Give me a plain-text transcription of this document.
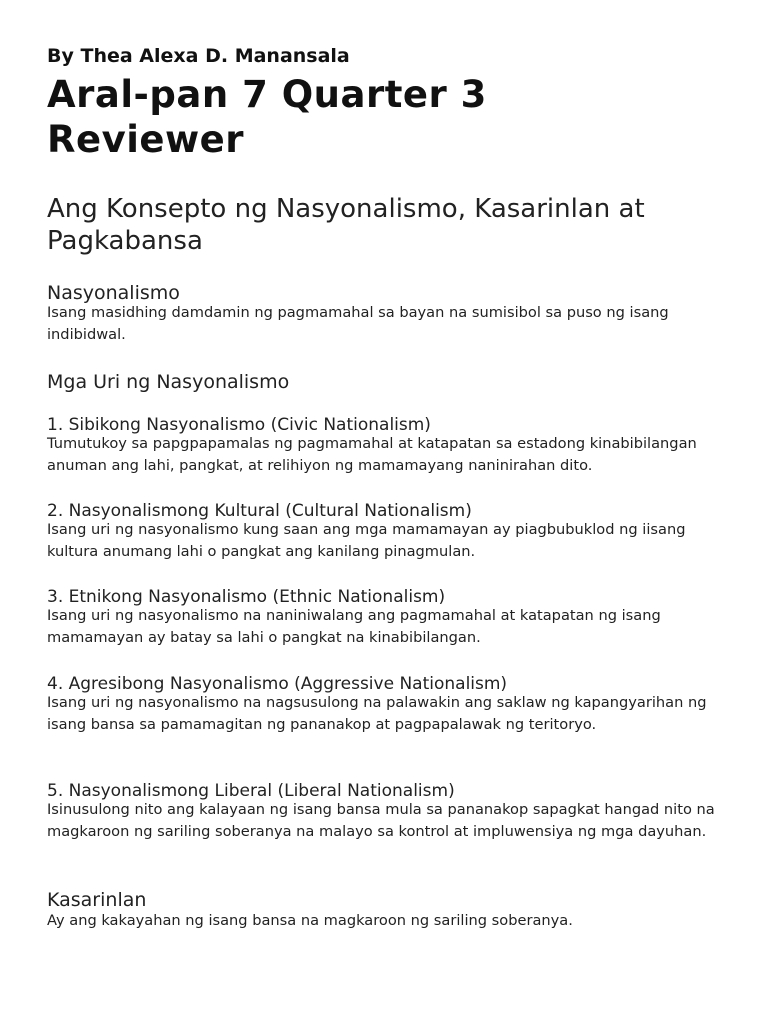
By Thea Alexa D. Manansala
Aral-pan 7 Quarter 3 Reviewer
Ang Konsepto ng Nasyonalismo, Kasarinlan at Pagkabansa
Nasyonalismo
Isang masidhing damdamin ng pagmamahal sa bayan na sumisibol sa puso ng isang indibidwal.
Mga Uri ng Nasyonalismo
1. Sibikong Nasyonalismo (Civic Nationalism)
Tumutukoy sa papgpapamalas ng pagmamahal at katapatan sa estadong kinabibilangan anuman ang lahi, pangkat, at relihiyon ng mamamayang naninirahan dito.
2. Nasyonalismong Kultural (Cultural Nationalism)
Isang uri ng nasyonalismo kung saan ang mga mamamayan ay piagbubuklod ng iisang kultura anumang lahi o pangkat ang kanilang pinagmulan.
3. Etnikong Nasyonalismo (Ethnic Nationalism)
Isang uri ng nasyonalismo na naniniwalang ang pagmamahal at katapatan ng isang mamamayan ay batay sa lahi o pangkat na kinabibilangan.
4. Agresibong Nasyonalismo (Aggressive Nationalism)
Isang uri ng nasyonalismo na nagsusulong na palawakin ang saklaw ng kapangyarihan ng isang bansa sa pamamagitan ng pananakop at pagpapalawak ng teritoryo.
5. Nasyonalismong Liberal (Liberal Nationalism)
Isinusulong nito ang kalayaan ng isang bansa mula sa pananakop sapagkat hangad nito na magkaroon ng sariling soberanya na malayo sa kontrol at impluwensiya ng mga dayuhan.
Kasarinlan
Ay ang kakayahan ng isang bansa na magkaroon ng sariling soberanya.
